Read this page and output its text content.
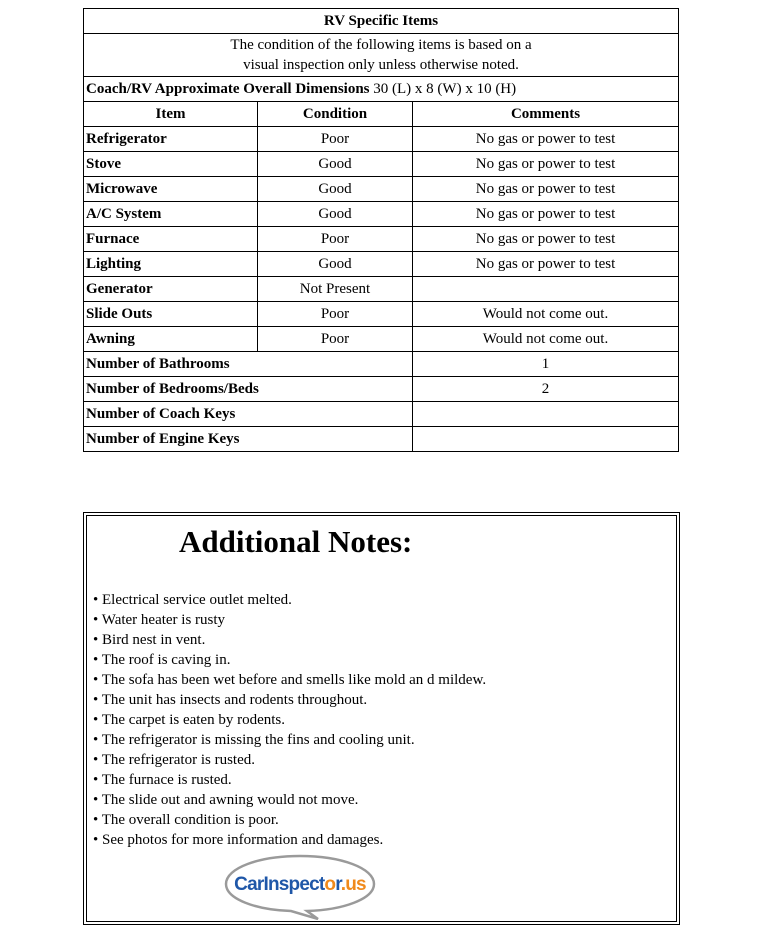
RV Specific Items		
The condition of the following items is based on a
visual inspection only unless otherwise noted.		
Coach/RV Approximate Overall Dimensions 30 (L) x 8 (W) x 10 (H)		
Item	Condition	Comments
Refrigerator	Poor	No gas or power to test
Stove	Good	No gas or power to test
Microwave	Good	No gas or power to test
A/C System	Good	No gas or power to test
Furnace	Poor	No gas or power to test
Lighting	Good	No gas or power to test
Generator	Not Present	
Slide Outs	Poor	Would not come out.
Awning	Poor	Would not come out.
Number of Bathrooms		1
Number of Bedrooms/Beds		2
Number of Coach Keys		
Number of Engine Keys		
Additional Notes:
• Electrical service outlet melted.
• Water heater is rusty
• Bird nest in vent.
• The roof is caving in.
• The sofa has been wet before and smells like mold an d mildew.
• The unit has insects and rodents throughout.
• The carpet is eaten by rodents.
• The refrigerator is missing the fins and cooling unit.
• The refrigerator is rusted.
• The furnace is rusted.
• The slide out and awning would not move.
• The overall condition is poor.
• See photos for more information and damages.
CarInspector.us
